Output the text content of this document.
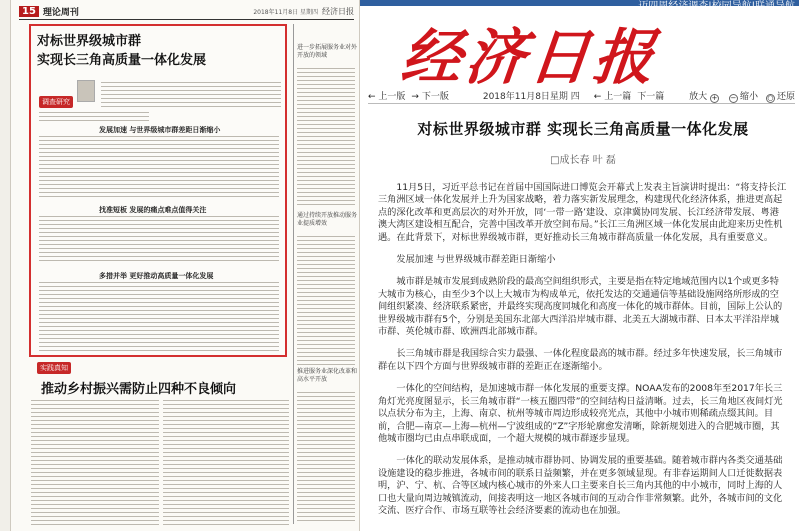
15 理论周刊	2018年11月8日 星期四 经济日报
对标世界级城市群
实现长三角高质量一体化发展
调查研究
发展加速 与世界级城市群差距日渐缩小
找准短板 发展的痛点难点值得关注
多措并举 更好推动高质量一体化发展
进一步拓展服务业对外开放的领域
通过持续开放推动服务业提质增效
推进服务业深化改革和高水平开放
实践真知
推动乡村振兴需防止四种不良倾向
经济日报
← 上一版 → 下一版	2018年11月8日星期 四 ← 上一篇 下一篇	放大 +	− 缩小 ○ 还原
对标世界级城市群 实现长三角高质量一体化发展
□成长春 叶 磊

11月5日，习近平总书记在首届中国国际进口博览会开幕式上发表主旨演讲时提出：“将支持长江三角洲区域一体化发展并上升为国家战略，着力落实新发展理念，构建现代化经济体系，推进更高起点的深化改革和更高层次的对外开放，同‘一带一路’建设、京津冀协同发展、长江经济带发展、粤港澳大湾区建设相互配合，完善中国改革开放空间布局。”长江三角洲区域一体化发展由此迎来历史性机遇。在此背景下，对标世界级城市群，更好推动长三角城市群高质量一体化发展，具有重要意义。

发展加速 与世界级城市群差距日渐缩小

城市群是城市发展到成熟阶段的最高空间组织形式，主要是指在特定地域范围内以1个或更多特大城市为核心，由至少3个以上大城市为构成单元，依托发达的交通通信等基础设施网络所形成的空间组织紧凑、经济联系紧密，并最终实现高度同城化和高度一体化的城市群体。目前，国际上公认的世界级城市群有5个，分别是美国东北部大西洋沿岸城市群、北美五大湖城市群、日本太平洋沿岸城市群、英伦城市群、欧洲西北部城市群。

长三角城市群是我国综合实力最强、一体化程度最高的城市群。经过多年快速发展，长三角城市群在以下四个方面与世界级城市群的差距正在逐渐缩小。

一体化的空间结构，是加速城市群一体化发展的重要支撑。NOAA发布的2008年至2017年长三角灯光亮度图显示，长三角城市群“一核五圈四带”的空间结构日益清晰。过去，长三角地区夜间灯光以点状分布为主，上海、南京、杭州等城市周边形成较亮光点，其他中小城市则稀疏点缀其间。目前，合肥—南京—上海—杭州—宁波组成的“Z”字形轮廓愈发清晰，除新规划进入的合肥城市圈，其他城市圈均已由点串联成面，一个超大规模的城市群逐步显现。

一体化的联动发展体系，是推动城市群协同、协调发展的重要基础。随着城市群内各类交通基础设施建设的稳步推进，各城市间的联系日益频繁，并在更多领域显现。有非春运期间人口迁徙数据表明，沪、宁、杭、合等区域内核心城市的外来人口主要来自长三角内其他的中小城市，同时上海的人口也大量向周边城镇流动，间接表明这一地区各城市间的互动合作非常频繁。此外，各城市间的文化交流、医疗合作、市场互联等社会经济要素的流动也在加强。
